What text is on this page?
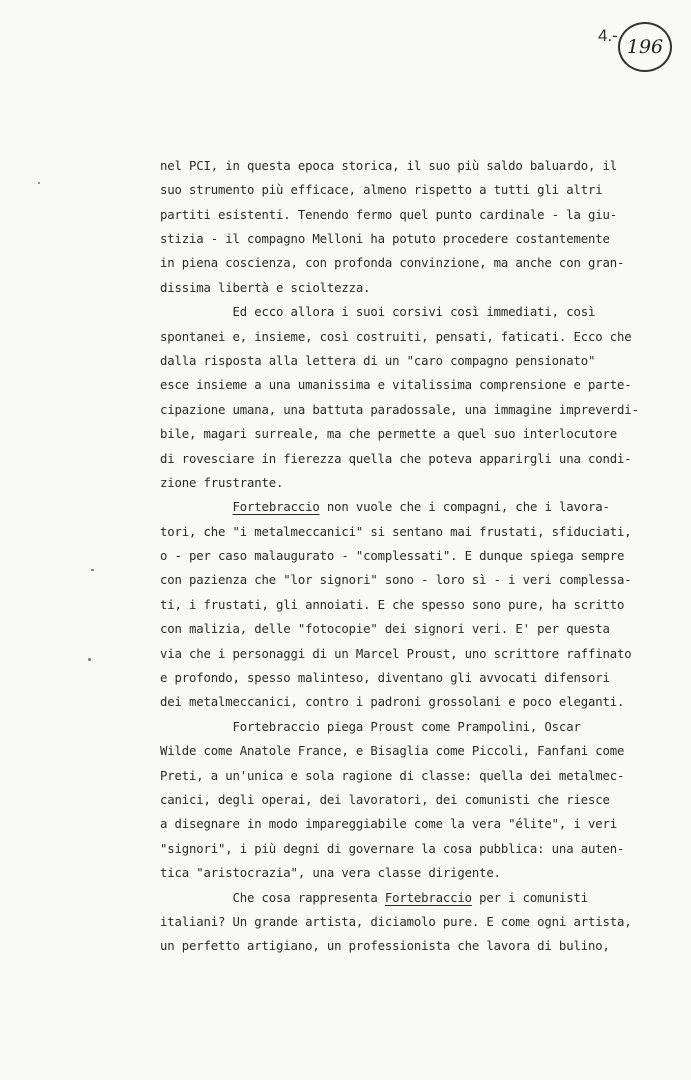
4.-
196

nel PCI, in questa epoca storica, il suo più saldo baluardo, il
suo strumento più efficace, almeno rispetto a tutti gli altri
partiti esistenti. Tenendo fermo quel punto cardinale - la giu-
stizia - il compagno Melloni ha potuto procedere costantemente
in piena coscienza, con profonda convinzione, ma anche con gran-
dissima libertà e scioltezza.
Ed ecco allora i suoi corsivi così immediati, così
spontanei e, insieme, così costruiti, pensati, faticati. Ecco che
dalla risposta alla lettera di un "caro compagno pensionato"
esce insieme a una umanissima e vitalissima comprensione e parte-
cipazione umana, una battuta paradossale, una immagine impreverdi-
bile, magari surreale, ma che permette a quel suo interlocutore
di rovesciare in fierezza quella che poteva apparirgli una condi-
zione frustrante.
Fortebraccio non vuole che i compagni, che i lavora-
tori, che "i metalmeccanici" si sentano mai frustati, sfiduciati,
o - per caso malaugurato - "complessati". E dunque spiega sempre
con pazienza che "lor signori" sono - loro sì - i veri complessa-
ti, i frustati, gli annoiati. E che spesso sono pure, ha scritto
con malizia, delle "fotocopie" dei signori veri. E' per questa
via che i personaggi di un Marcel Proust, uno scrittore raffinato
e profondo, spesso malinteso, diventano gli avvocati difensori
dei metalmeccanici, contro i padroni grossolani e poco eleganti.
Fortebraccio piega Proust come Prampolini, Oscar
Wilde come Anatole France, e Bisaglia come Piccoli, Fanfani come
Preti, a un'unica e sola ragione di classe: quella dei metalmec-
canici, degli operai, dei lavoratori, dei comunisti che riesce
a disegnare in modo impareggiabile come la vera "élite", i veri
"signori", i più degni di governare la cosa pubblica: una auten-
tica "aristocrazia", una vera classe dirigente.
Che cosa rappresenta Fortebraccio per i comunisti
italiani? Un grande artista, diciamolo pure. E come ogni artista,
un perfetto artigiano, un professionista che lavora di bulino,
